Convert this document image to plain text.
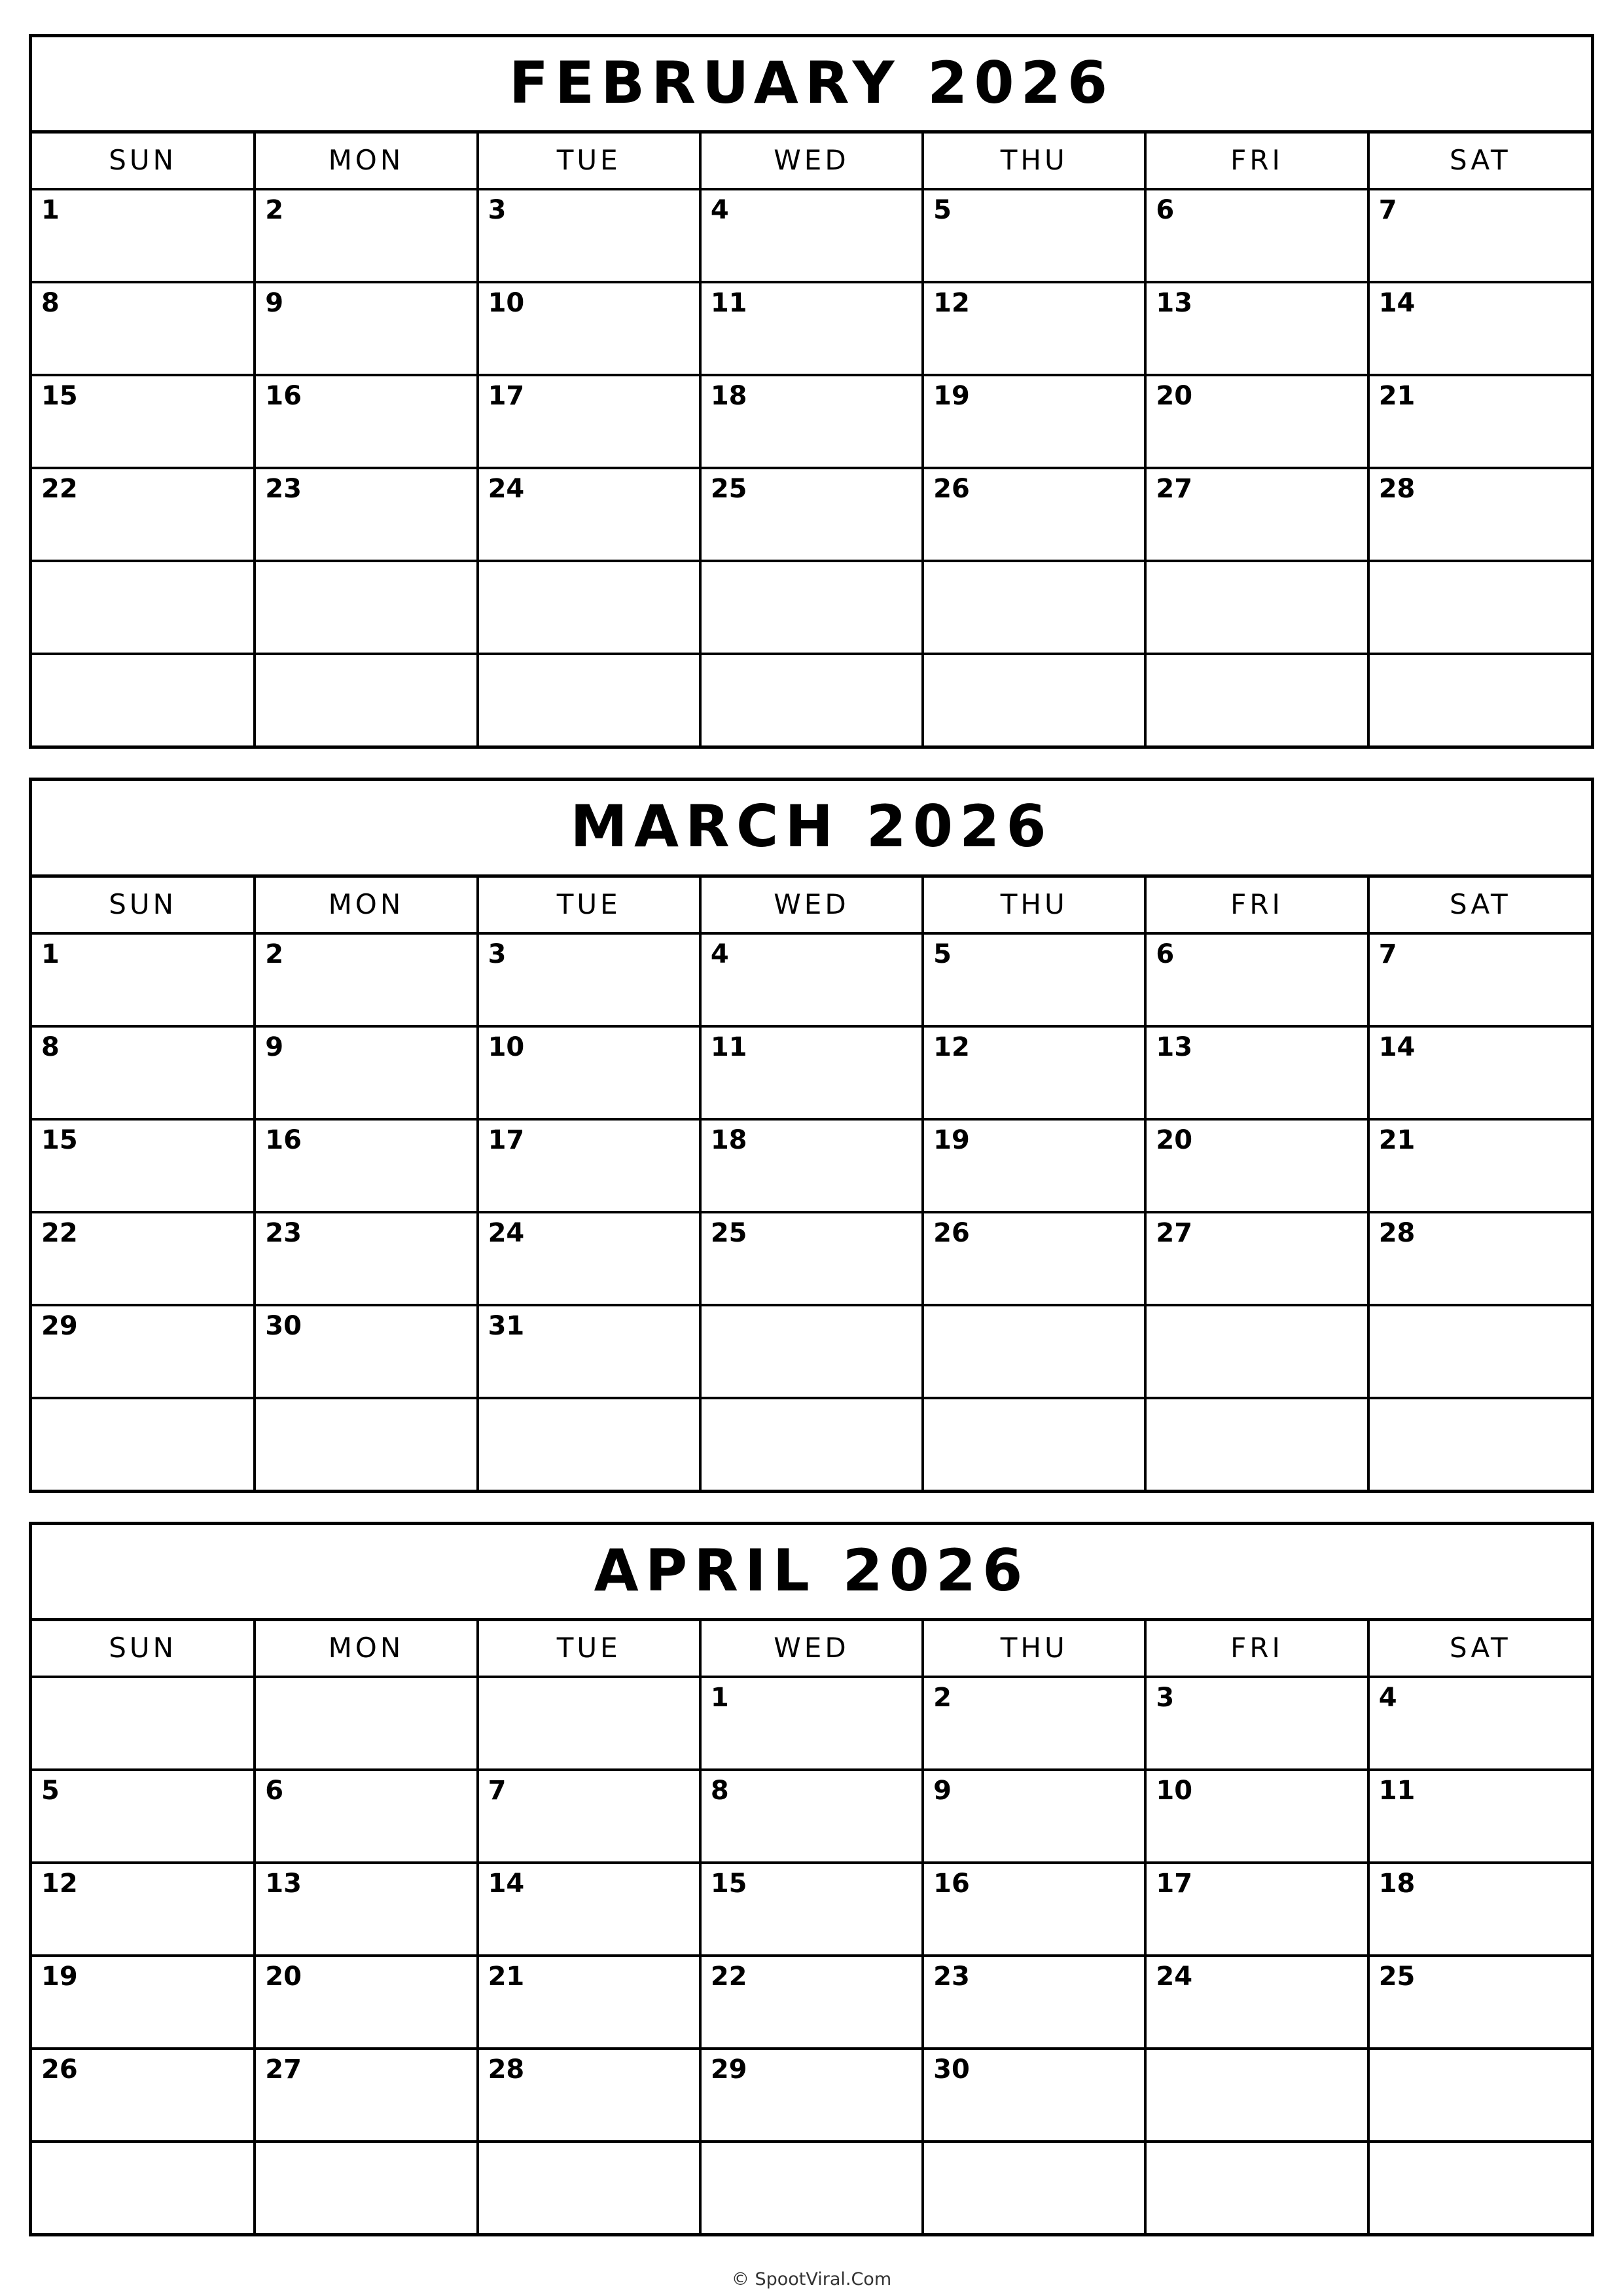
FEBRUARY 2026
SUN	MON	TUE	WED	THU	FRI	SAT
1	2	3	4	5	6	7
8	9	10	11	12	13	14
15	16	17	18	19	20	21
22	23	24	25	26	27	28

MARCH 2026
SUN	MON	TUE	WED	THU	FRI	SAT
1	2	3	4	5	6	7
8	9	10	11	12	13	14
15	16	17	18	19	20	21
22	23	24	25	26	27	28
29	30	31				

APRIL 2026
SUN	MON	TUE	WED	THU	FRI	SAT
			1	2	3	4
5	6	7	8	9	10	11
12	13	14	15	16	17	18
19	20	21	22	23	24	25
26	27	28	29	30		

© SpootViral.Com
